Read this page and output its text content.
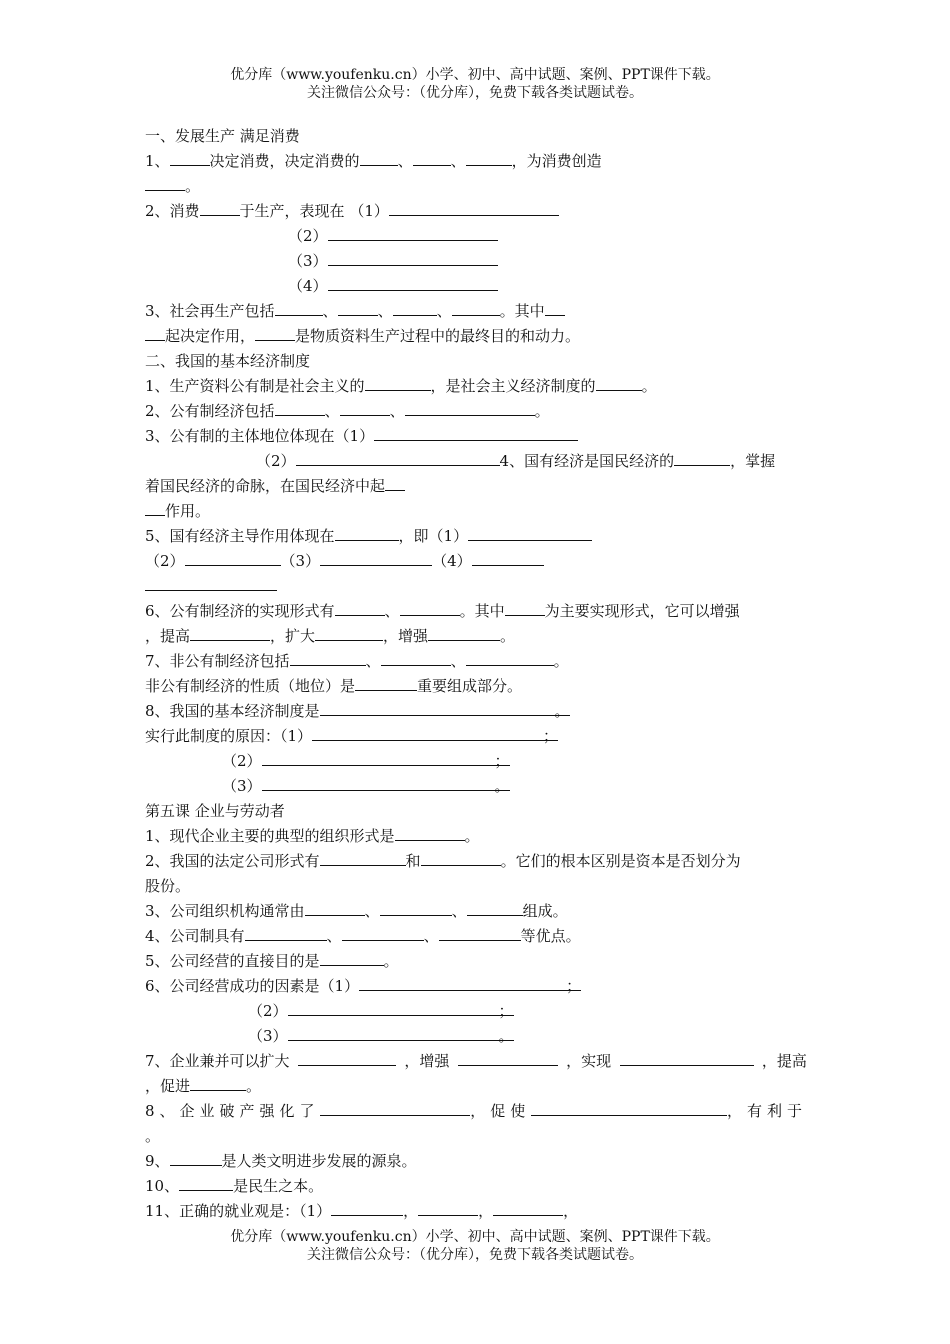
优分库（www.youfenku.cn）小学、初中、高中试题、案例、PPT课件下载。
关注微信公众号：（优分库），免费下载各类试题试卷。
一、发展生产 满足消费
1、	决定消费，决定消费的	、	、	，为消费创造
。
2、消费	于生产，表现在 （1）
（2）
（3）
（4）
3、社会再生产包括	、	、	、	。其中
起决定作用，	是物质资料生产过程中的最终目的和动力。
二、我国的基本经济制度
1、生产资料公有制是社会主义的	，是社会主义经济制度的	。
2、公有制经济包括	、	、	。
3、公有制的主体地位体现在（1）
（2）	4、国有经济是国民经济的	，掌握
着国民经济的命脉，在国民经济中起
作用。
5、国有经济主导作用体现在	，即（1）
（2）	（3）	（4）
6、公有制经济的实现形式有	、	。其中	为主要实现形式，它可以增强
，提高	，扩大	，增强	。
7、非公有制经济包括	、	、	。
非公有制经济的性质（地位）是	重要组成部分。
8、我国的基本经济制度是	。
实行此制度的原因：（1）	；
（2）	；
（3）	。
第五课 企业与劳动者
1、现代企业主要的典型的组织形式是	。
2、我国的法定公司形式有	和	。它们的根本区别是资本是否划分为
股份。
3、公司组织机构通常由	、	、	组成。
4、公司制具有	、	、	等优点。
5、公司经营的直接目的是	。
6、公司经营成功的因素是（1）	；
（2）	；
（3）	。
7、企业兼并可以扩大	，增强	，实现	，提高
，促进	。
8、企业破产强化了	，促使	，有利于
。
9、	是人类文明进步发展的源泉。
10、	是民生之本。
11、正确的就业观是：（1）	，	，	，
优分库（www.youfenku.cn）小学、初中、高中试题、案例、PPT课件下载。
关注微信公众号：（优分库），免费下载各类试题试卷。
